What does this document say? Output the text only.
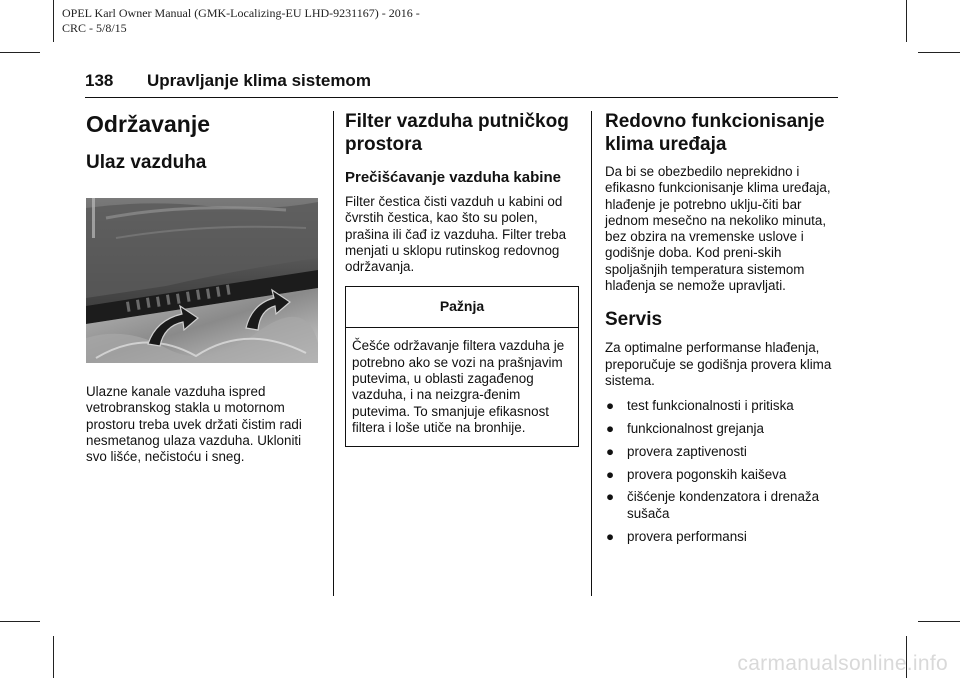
OPEL Karl Owner Manual (GMK-Localizing-EU LHD-9231167) - 2016 -
CRC - 5/8/15
138 Upravljanje klima sistemom
Održavanje
Ulaz vazduha

Ulazne kanale vazduha ispred vetrobranskog stakla u motornom prostoru treba uvek držati čistim radi nesmetanog ulaza vazduha. Ukloniti svo lišće, nečistoću i sneg.

Filter vazduha putničkog prostora
Prečišćavanje vazduha kabine

Filter čestica čisti vazduh u kabini od čvrstih čestica, kao što su polen, prašina ili čađ iz vazduha. Filter treba menjati u sklopu rutinskog redovnog održavanja.

Pažnja

Češće održavanje filtera vazduha je potrebno ako se vozi na prašnjavim putevima, u oblasti zagađenog vazduha, i na neizgra-đenim putevima. To smanjuje efikasnost filtera i loše utiče na bronhije.

Redovno funkcionisanje klima uređaja

Da bi se obezbedilo neprekidno i efikasno funkcionisanje klima uređaja, hlađenje je potrebno uklju-čiti bar jednom mesečno na nekoliko minuta, bez obzira na vremenske uslove i godišnje doba. Kod preni-skih spoljašnjih temperatura sistemom hlađenja se nemože upravljati.

Servis

Za optimalne performanse hlađenja, preporučuje se godišnja provera klima sistema.

● test funkcionalnosti i pritiska
● funkcionalnost grejanja
● provera zaptivenosti
● provera pogonskih kaiševa
● čišćenje kondenzatora i drenaža sušača
● provera performansi
carmanualsonline.info
